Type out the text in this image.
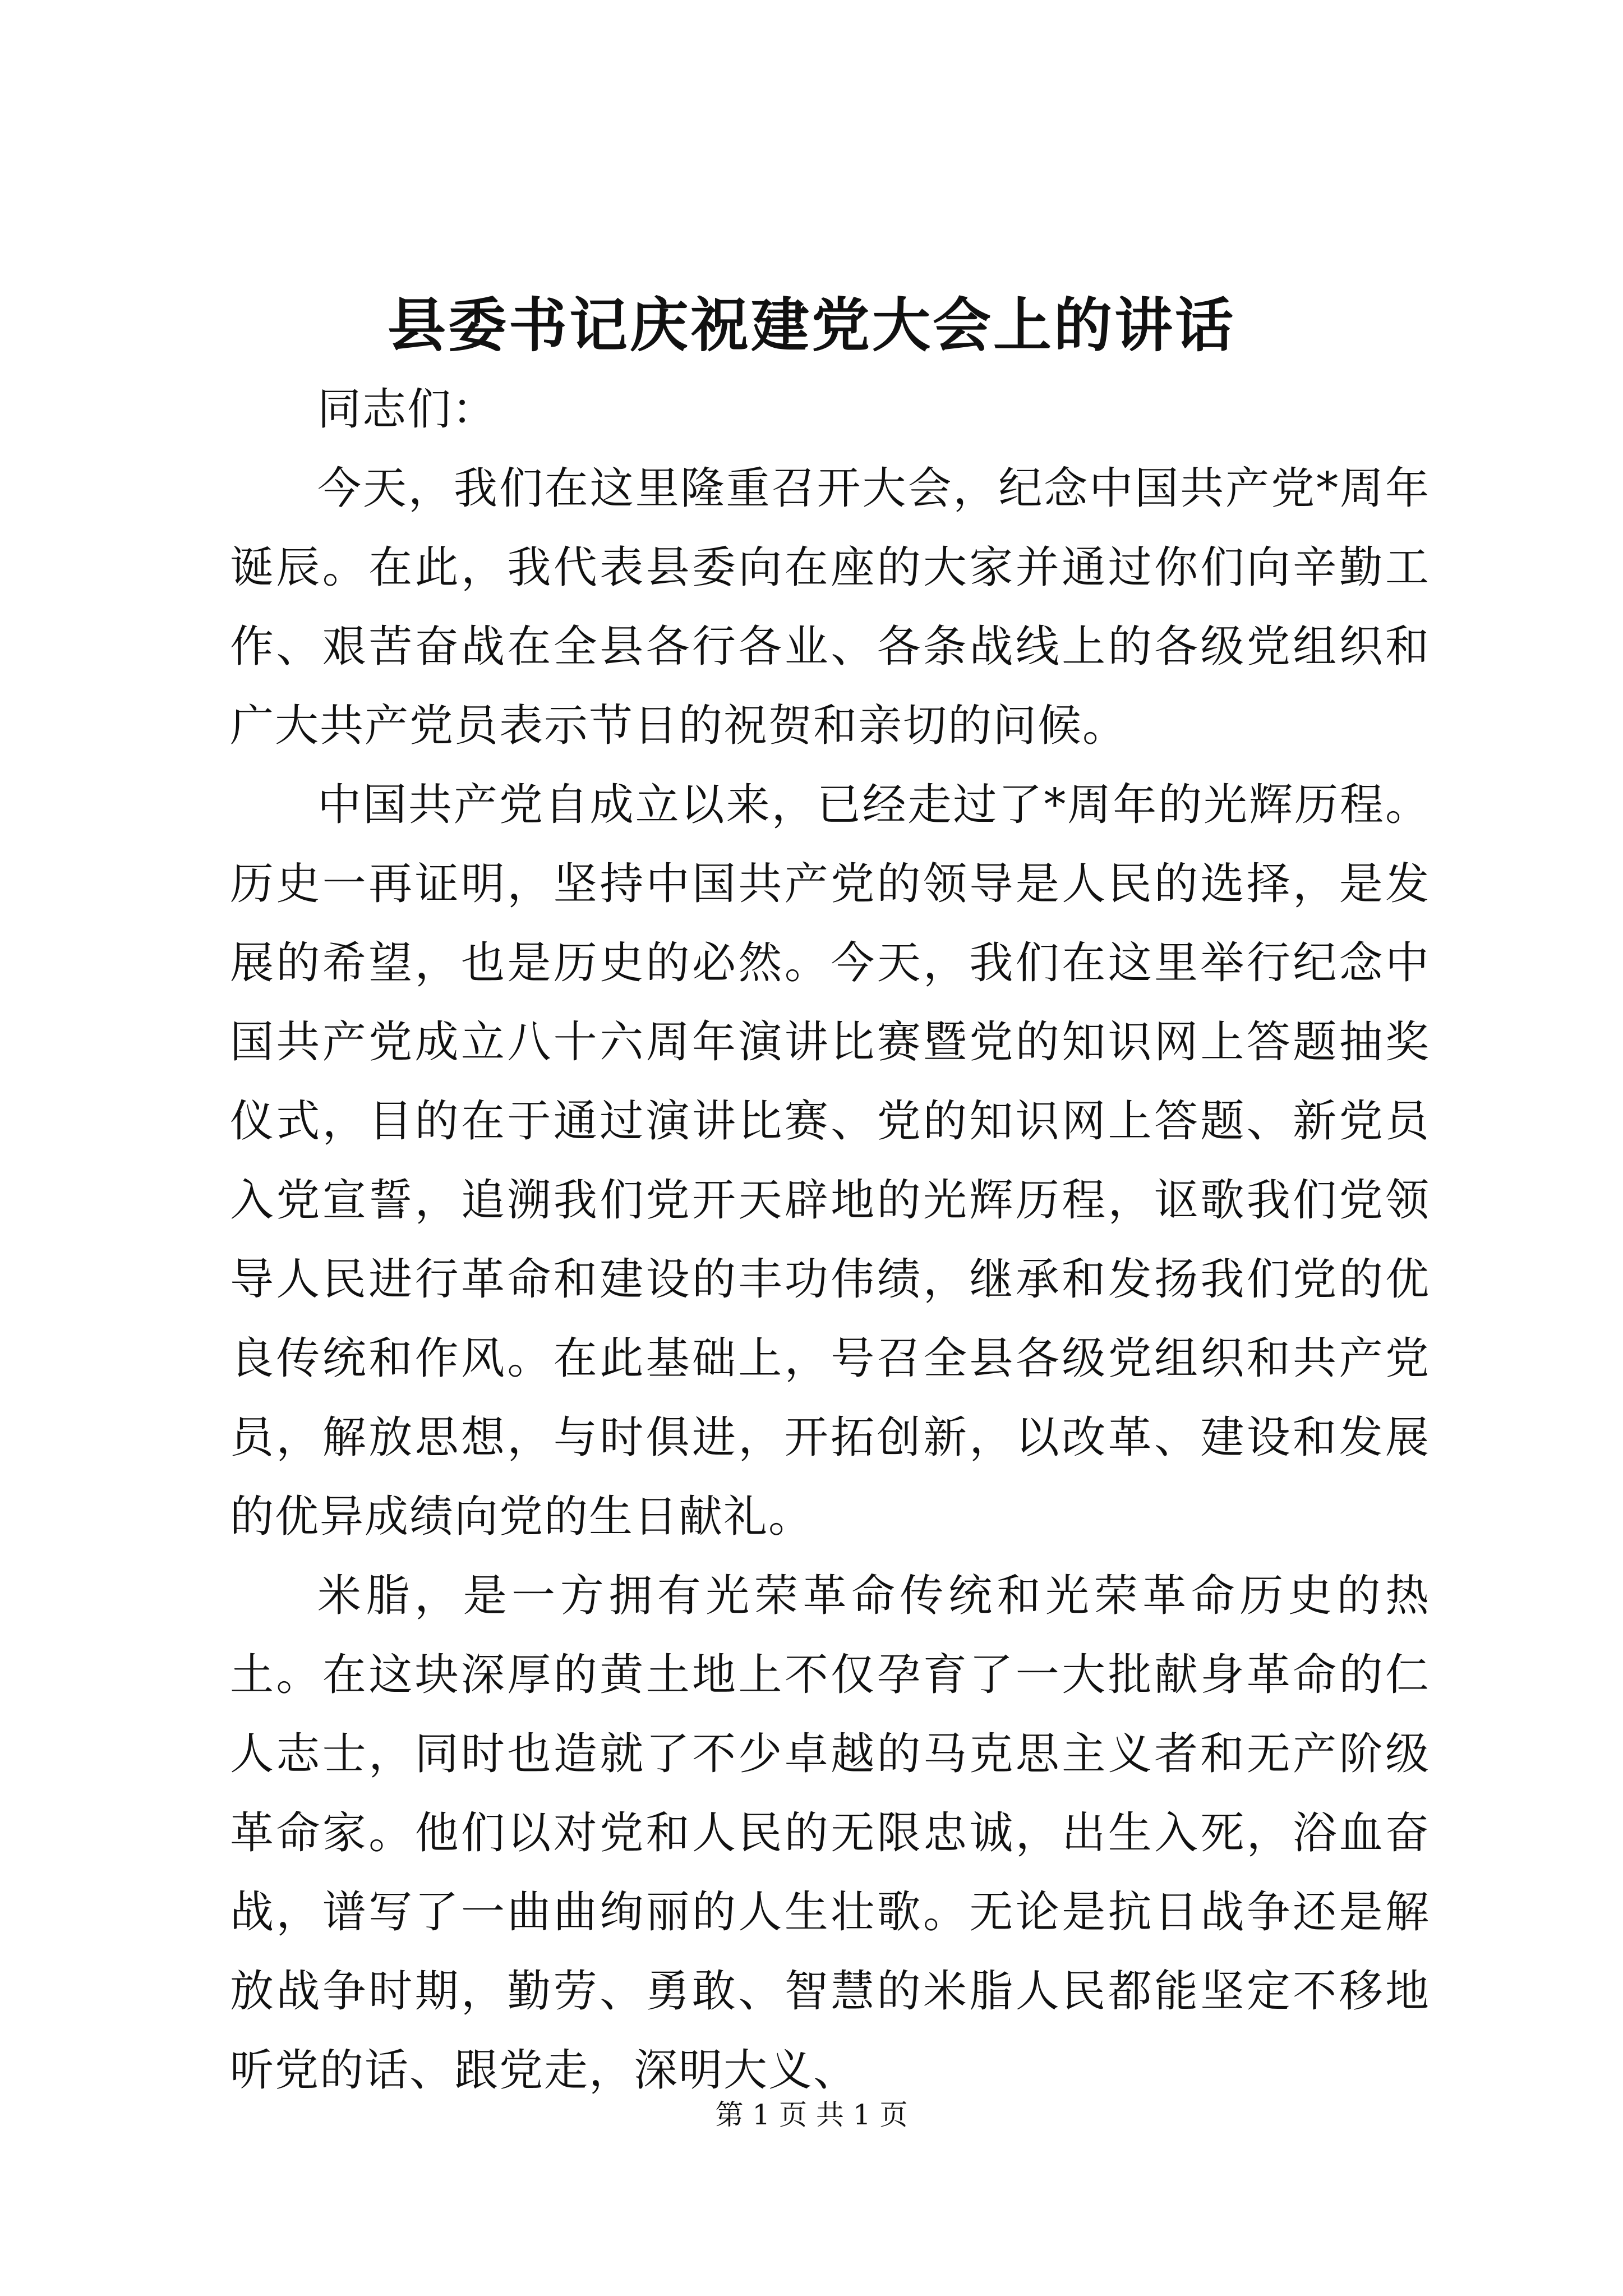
县委书记庆祝建党大会上的讲话

同志们：

今天，我们在这里隆重召开大会，纪念中国共产党*周年诞辰。在此，我代表县委向在座的大家并通过你们向辛勤工作、艰苦奋战在全县各行各业、各条战线上的各级党组织和广大共产党员表示节日的祝贺和亲切的问候。

中国共产党自成立以来，已经走过了*周年的光辉历程。历史一再证明，坚持中国共产党的领导是人民的选择，是发展的希望，也是历史的必然。今天，我们在这里举行纪念中国共产党成立八十六周年演讲比赛暨党的知识网上答题抽奖仪式，目的在于通过演讲比赛、党的知识网上答题、新党员入党宣誓，追溯我们党开天辟地的光辉历程，讴歌我们党领导人民进行革命和建设的丰功伟绩，继承和发扬我们党的优良传统和作风。在此基础上，号召全县各级党组织和共产党员，解放思想，与时俱进，开拓创新，以改革、建设和发展的优异成绩向党的生日献礼。

米脂，是一方拥有光荣革命传统和光荣革命历史的热土。在这块深厚的黄土地上不仅孕育了一大批献身革命的仁人志士，同时也造就了不少卓越的马克思主义者和无产阶级革命家。他们以对党和人民的无限忠诚，出生入死，浴血奋战，谱写了一曲曲绚丽的人生壮歌。无论是抗日战争还是解放战争时期，勤劳、勇敢、智慧的米脂人民都能坚定不移地听党的话、跟党走，深明大义、

第 1 页 共 1 页
